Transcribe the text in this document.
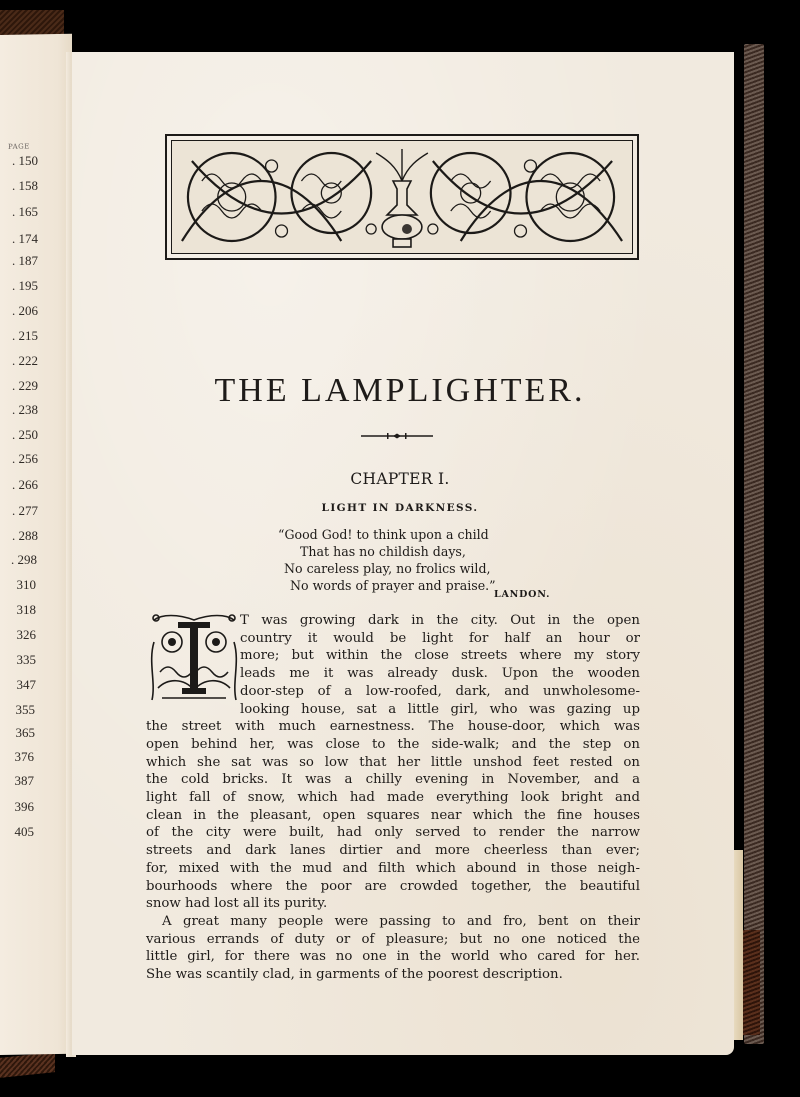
PAGE
. 150
. 158
. 165
. 174
. 187
. 195
. 206
. 215
. 222
. 229
. 238
. 250
. 256
. 266
. 277
. 288
. 298
310
318
326
335
347
355
365
376
387
396
405
THE LAMPLIGHTER.
CHAPTER I.
LIGHT IN DARKNESS.
“Good God! to think upon a child
That has no childish days,
No careless play, no frolics wild,
No words of prayer and praise.”
LANDON.
T was growing dark in the city. Out in the open
country it would be light for half an hour or
more; but within the close streets where my story
leads me it was already dusk. Upon the wooden
door-step of a low-roofed, dark, and unwholesome-
looking house, sat a little girl, who was gazing up
the street with much earnestness. The house-door, which was
open behind her, was close to the side-walk; and the step on
which she sat was so low that her little unshod feet rested on
the cold bricks. It was a chilly evening in November, and a
light fall of snow, which had made everything look bright and
clean in the pleasant, open squares near which the fine houses
of the city were built, had only served to render the narrow
streets and dark lanes dirtier and more cheerless than ever;
for, mixed with the mud and filth which abound in those neigh-
bourhoods where the poor are crowded together, the beautiful
snow had lost all its purity.
A great many people were passing to and fro, bent on their
various errands of duty or of pleasure; but no one noticed the
little girl, for there was no one in the world who cared for her.
She was scantily clad, in garments of the poorest description.
